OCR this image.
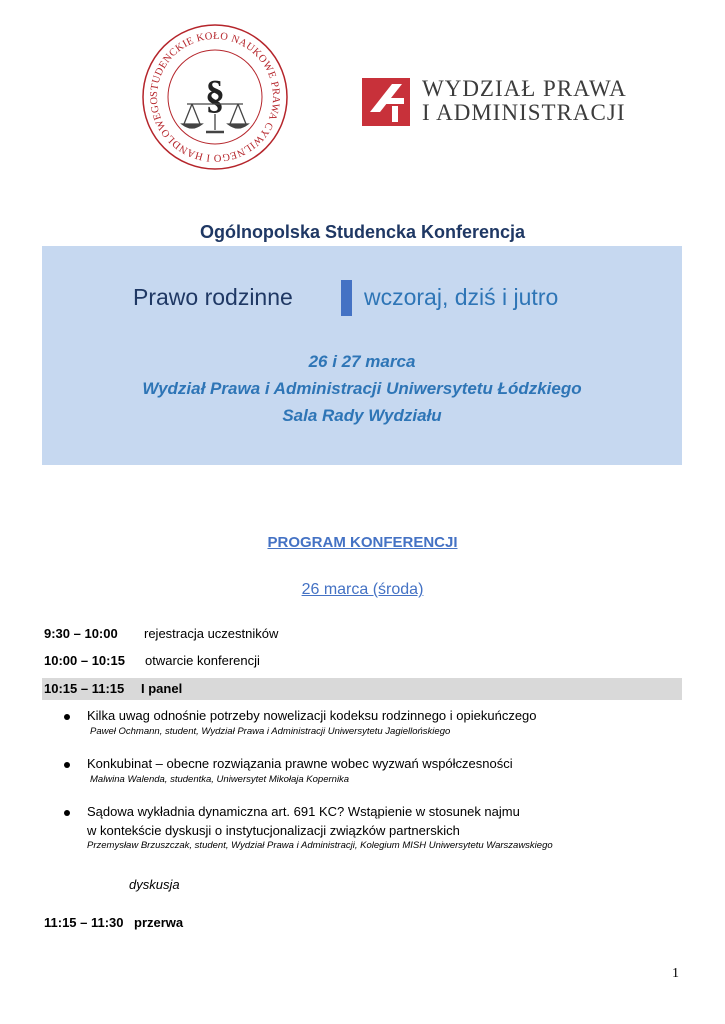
STUDENCKIE KOŁO NAUKOWE PRAWA CYWILNEGO I HANDLOWEGO	§	WYDZIAŁ PRAWA
I ADMINISTRACJI
Ogólnopolska Studencka Konferencja
Prawo rodzinne	wczoraj, dziś i jutro
26 i 27 marca
Wydział Prawa i Administracji Uniwersytetu Łódzkiego
Sala Rady Wydziału
PROGRAM KONFERENCJI
26 marca (środa)
9:30 – 10:00 rejestracja uczestników
10:00 – 10:15 otwarcie konferencji
10:15 – 11:15 I panel
Kilka uwag odnośnie potrzeby nowelizacji kodeksu rodzinnego i opiekuńczego
Paweł Ochmann, student, Wydział Prawa i Administracji Uniwersytetu Jagiellońskiego
Konkubinat – obecne rozwiązania prawne wobec wyzwań współczesności
Malwina Walenda, studentka, Uniwersytet Mikołaja Kopernika
Sądowa wykładnia dynamiczna art. 691 KC? Wstąpienie w stosunek najmu
w kontekście dyskusji o instytucjonalizacji związków partnerskich
Przemysław Brzuszczak, student, Wydział Prawa i Administracji, Kolegium MISH Uniwersytetu Warszawskiego
dyskusja
11:15 – 11:30 przerwa
1
